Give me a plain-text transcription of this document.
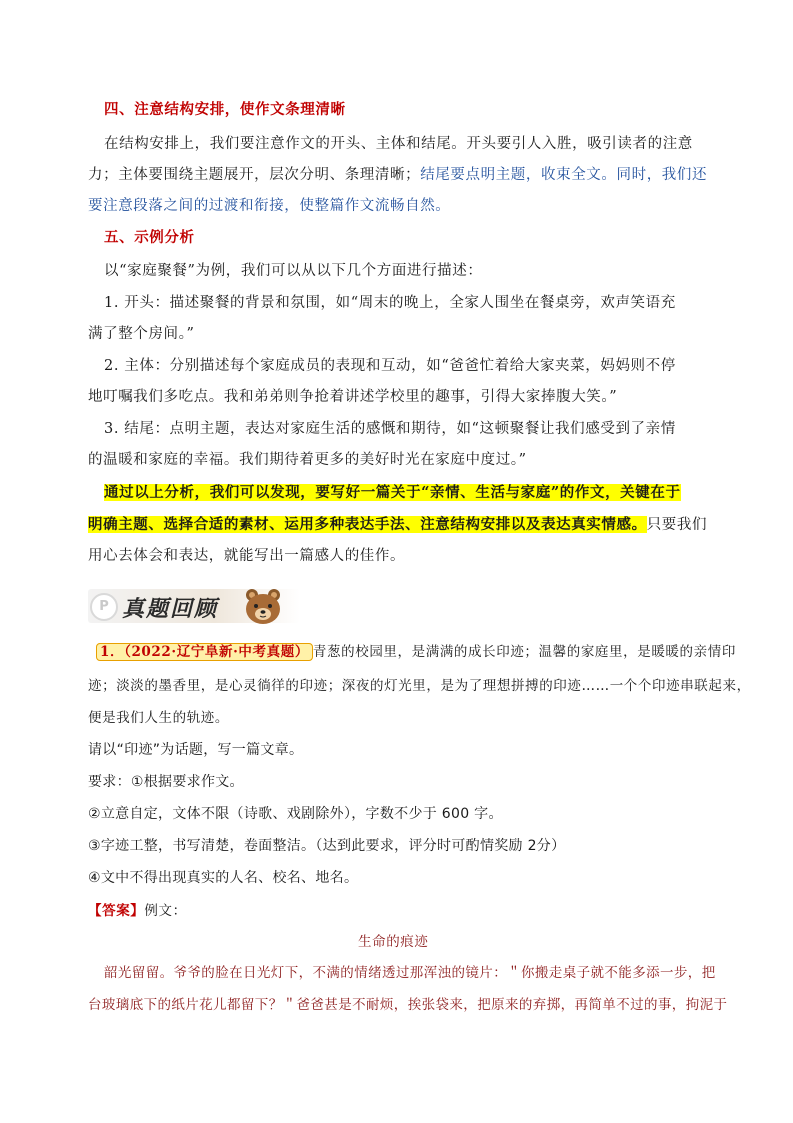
四、注意结构安排，使作文条理清晰
在结构安排上，我们要注意作文的开头、主体和结尾。开头要引人入胜，吸引读者的注意
力；主体要围绕主题展开，层次分明、条理清晰；结尾要点明主题，收束全文。同时，我们还
要注意段落之间的过渡和衔接，使整篇作文流畅自然。
五、示例分析
以“家庭聚餐”为例，我们可以从以下几个方面进行描述：
1. 开头：描述聚餐的背景和氛围，如“周末的晚上，全家人围坐在餐桌旁，欢声笑语充
满了整个房间。”
2. 主体：分别描述每个家庭成员的表现和互动，如“爸爸忙着给大家夹菜，妈妈则不停
地叮嘱我们多吃点。我和弟弟则争抢着讲述学校里的趣事，引得大家捧腹大笑。”
3. 结尾：点明主题，表达对家庭生活的感慨和期待，如“这顿聚餐让我们感受到了亲情
的温暖和家庭的幸福。我们期待着更多的美好时光在家庭中度过。”
通过以上分析，我们可以发现，要写好一篇关于“亲情、生活与家庭”的作文，关键在于
明确主题、选择合适的素材、运用多种表达手法、注意结构安排以及表达真实情感。只要我们
用心去体会和表达，就能写出一篇感人的佳作。
P 真题回顾
1．（2022·辽宁阜新·中考真题） 青葱的校园里，是满满的成长印迹；温馨的家庭里，是暖暖的亲情印
迹；淡淡的墨香里，是心灵徜徉的印迹；深夜的灯光里，是为了理想拼搏的印迹……一个个印迹串联起来，
便是我们人生的轨迹。
请以“印迹”为话题，写一篇文章。
要求：①根据要求作文。
②立意自定，文体不限（诗歌、戏剧除外），字数不少于 600 字。
③字迹工整，书写清楚，卷面整洁。（达到此要求，评分时可酌情奖励 2分）
④文中不得出现真实的人名、校名、地名。
【答案】例文：
生命的痕迹
韶光留留。爷爷的脸在日光灯下，不满的情绪透过那浑浊的镜片：＂你搬走桌子就不能多添一步，把
台玻璃底下的纸片花儿都留下？＂爸爸甚是不耐烦，挨张袋来，把原来的弃掷，再简单不过的事，拘泥于
